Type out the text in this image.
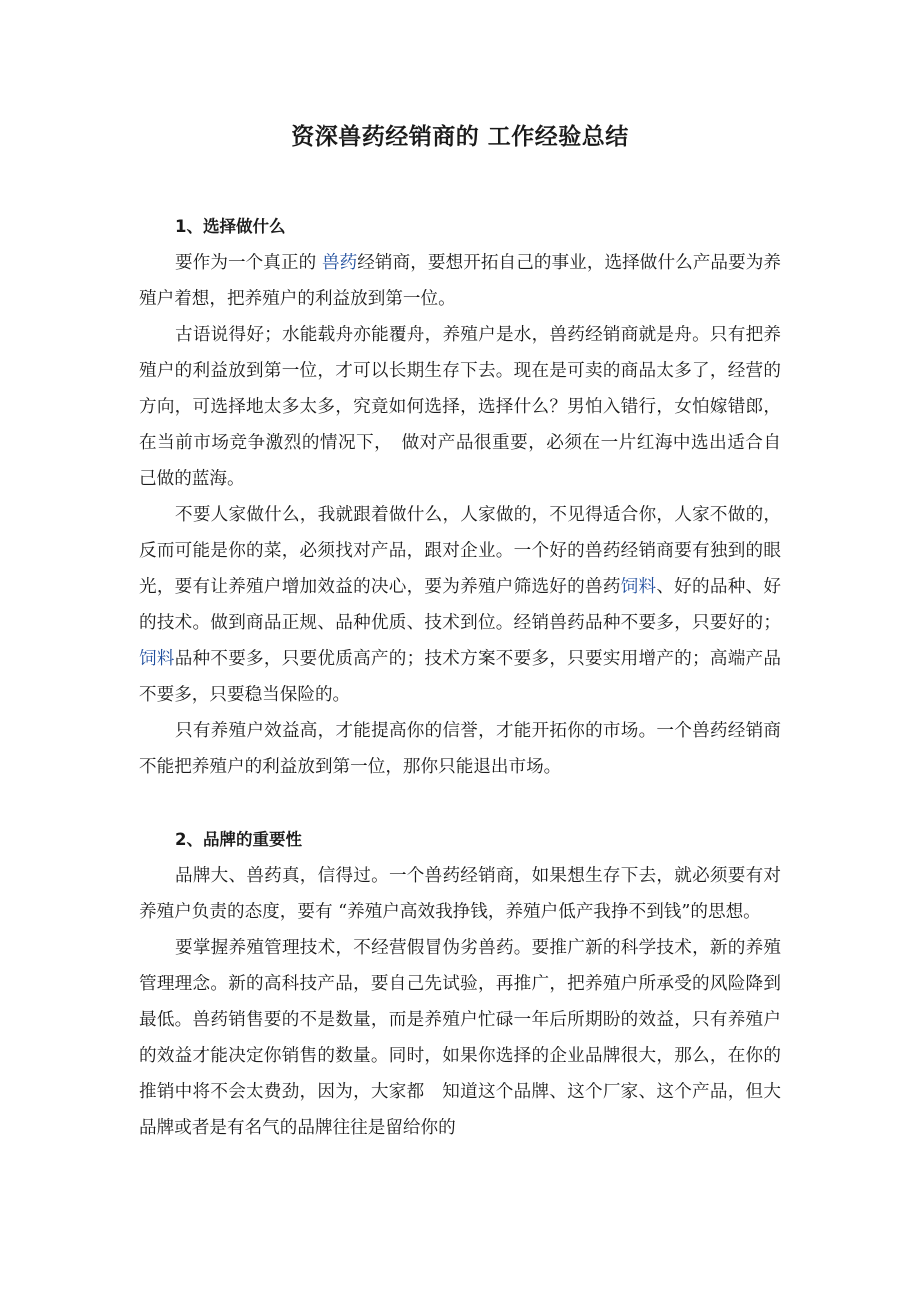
资深兽药经销商的 工作经验总结
1、选择做什么

要作为一个真正的 兽药经销商，要想开拓自己的事业，选择做什么产品要为养殖户着想，把养殖户的利益放到第一位。

古语说得好；水能载舟亦能覆舟，养殖户是水，兽药经销商就是舟。只有把养殖户的利益放到第一位，才可以长期生存下去。现在是可卖的商品太多了，经营的方向，可选择地太多太多，究竟如何选择，选择什么？男怕入错行，女怕嫁错郎，在当前市场竞争激烈的情况下，　做对产品很重要，必须在一片红海中选出适合自己做的蓝海。

不要人家做什么，我就跟着做什么，人家做的，不见得适合你，人家不做的，反而可能是你的菜，必须找对产品，跟对企业。一个好的兽药经销商要有独到的眼光，要有让养殖户增加效益的决心，要为养殖户筛选好的兽药饲料、好的品种、好的技术。做到商品正规、品种优质、技术到位。经销兽药品种不要多，只要好的； 饲料品种不要多，只要优质高产的；技术方案不要多，只要实用增产的；高端产品不要多，只要稳当保险的。

只有养殖户效益高，才能提高你的信誉，才能开拓你的市场。一个兽药经销商不能把养殖户的利益放到第一位，那你只能退出市场。

2、品牌的重要性

品牌大、兽药真，信得过。一个兽药经销商，如果想生存下去，就必须要有对养殖户负责的态度，要有 “养殖户高效我挣钱，养殖户低产我挣不到钱”的思想。

要掌握养殖管理技术，不经营假冒伪劣兽药。要推广新的科学技术，新的养殖管理理念。新的高科技产品，要自己先试验，再推广，把养殖户所承受的风险降到最低。兽药销售要的不是数量，而是养殖户忙碌一年后所期盼的效益，只有养殖户的效益才能决定你销售的数量。同时，如果你选择的企业品牌很大，那么，在你的推销中将不会太费劲，因为，大家都　知道这个品牌、这个厂家、这个产品，但大品牌或者是有名气的品牌往往是留给你的
